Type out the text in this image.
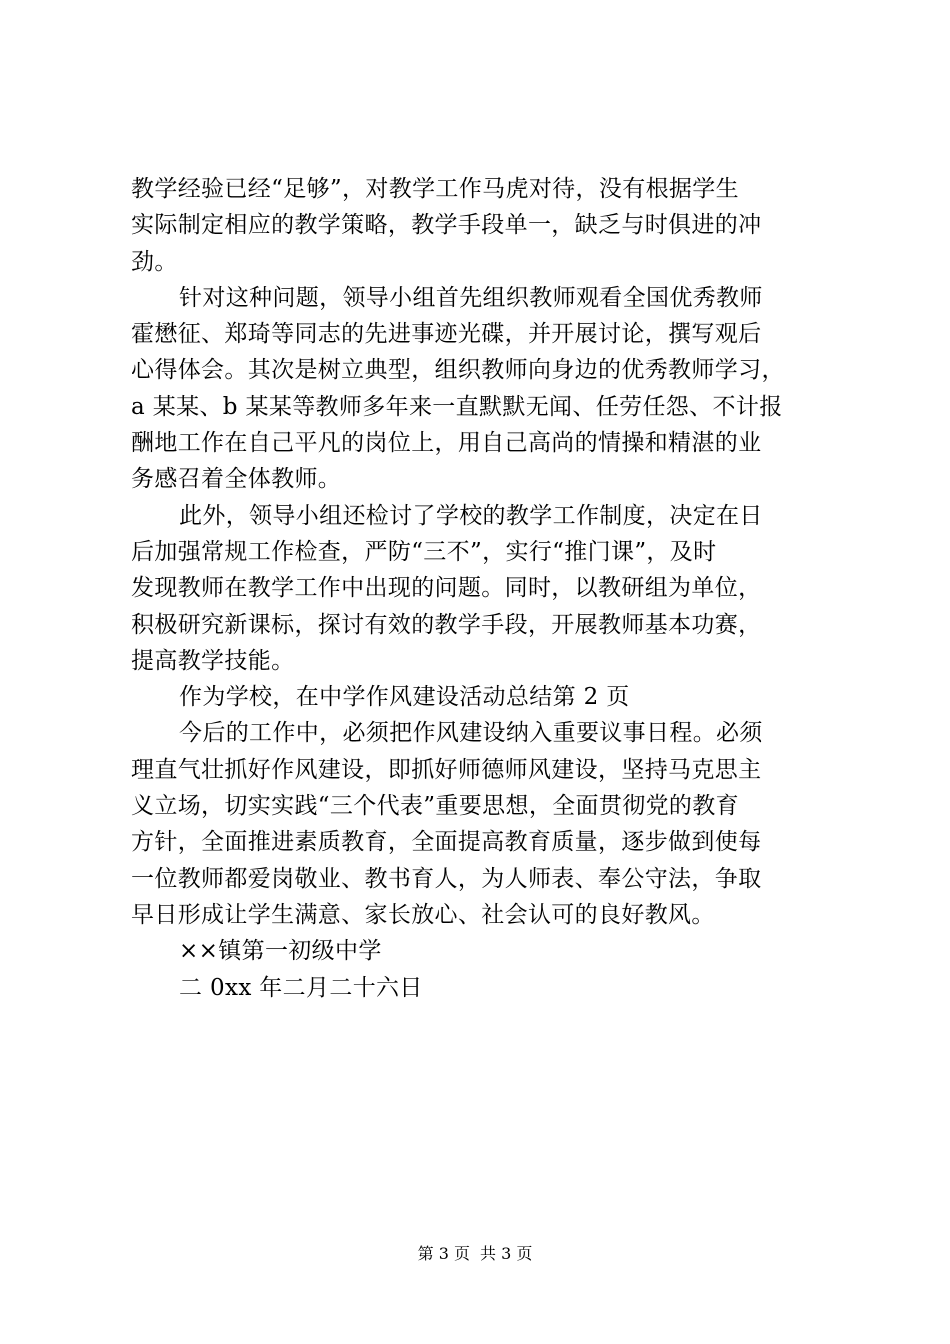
教学经验已经“足够”，对教学工作马虎对待，没有根据学生
实际制定相应的教学策略，教学手段单一，缺乏与时俱进的冲
劲。
针对这种问题，领导小组首先组织教师观看全国优秀教师
霍懋征、郑琦等同志的先进事迹光碟，并开展讨论，撰写观后
心得体会。其次是树立典型，组织教师向身边的优秀教师学习，
a 某某、b 某某等教师多年来一直默默无闻、任劳任怨、不计报
酬地工作在自己平凡的岗位上，用自己高尚的情操和精湛的业
务感召着全体教师。
此外，领导小组还检讨了学校的教学工作制度，决定在日
后加强常规工作检查，严防“三不”，实行“推门课”，及时
发现教师在教学工作中出现的问题。同时，以教研组为单位，
积极研究新课标，探讨有效的教学手段，开展教师基本功赛，
提高教学技能。
作为学校，在中学作风建设活动总结第 2 页
今后的工作中，必须把作风建设纳入重要议事日程。必须
理直气壮抓好作风建设，即抓好师德师风建设，坚持马克思主
义立场，切实实践“三个代表”重要思想，全面贯彻党的教育
方针，全面推进素质教育，全面提高教育质量，逐步做到使每
一位教师都爱岗敬业、教书育人，为人师表、奉公守法，争取
早日形成让学生满意、家长放心、社会认可的良好教风。
××镇第一初级中学
二 0xx 年二月二十六日
第 3 页 共 3 页
